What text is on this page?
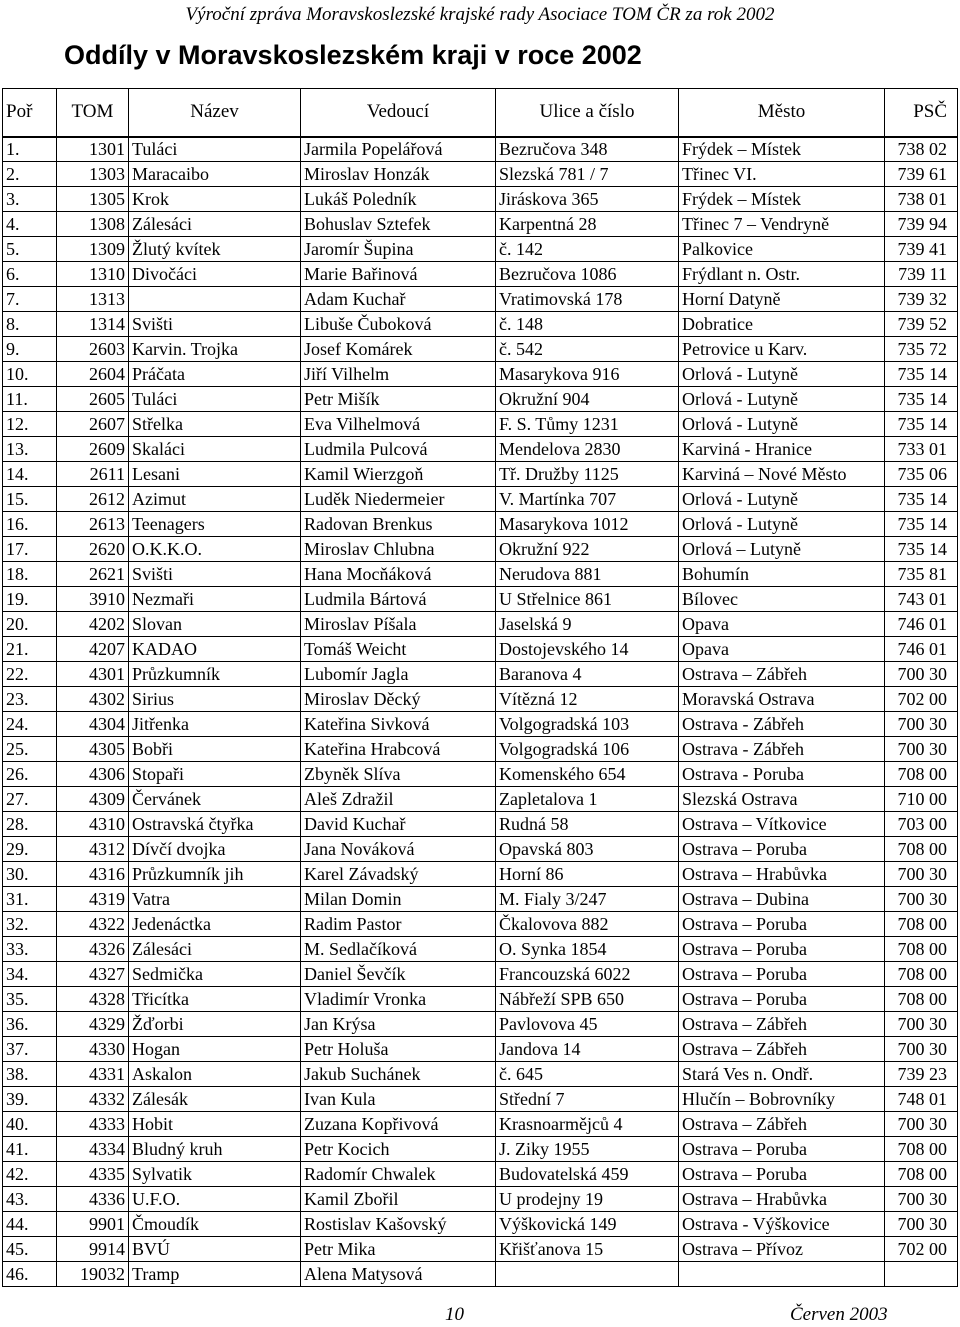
Výroční zpráva Moravskoslezské krajské rady Asociace TOM ČR za rok 2002
Oddíly v Moravskoslezském kraji v roce 2002
Poř	TOM	Název	Vedoucí	Ulice a číslo	Město	PSČ
1.	1301	Tuláci	Jarmila Popelářová	Bezručova 348	Frýdek – Místek	738 02
2.	1303	Maracaibo	Miroslav Honzák	Slezská 781 / 7	Třinec VI.	739 61
3.	1305	Krok	Lukáš Poledník	Jiráskova 365	Frýdek – Místek	738 01
4.	1308	Zálesáci	Bohuslav Sztefek	Karpentná 28	Třinec 7 – Vendryně	739 94
5.	1309	Žlutý kvítek	Jaromír Šupina	č. 142	Palkovice	739 41
6.	1310	Divočáci	Marie Bařinová	Bezručova 1086	Frýdlant n. Ostr.	739 11
7.	1313		Adam Kuchař	Vratimovská 178	Horní Datyně	739 32
8.	1314	Svišti	Libuše Čuboková	č. 148	Dobratice	739 52
9.	2603	Karvin. Trojka	Josef Komárek	č. 542	Petrovice u Karv.	735 72
10.	2604	Práčata	Jiří Vilhelm	Masarykova 916	Orlová - Lutyně	735 14
11.	2605	Tuláci	Petr Mišík	Okružní 904	Orlová - Lutyně	735 14
12.	2607	Střelka	Eva Vilhelmová	F. S. Tůmy 1231	Orlová - Lutyně	735 14
13.	2609	Skaláci	Ludmila Pulcová	Mendelova 2830	Karviná - Hranice	733 01
14.	2611	Lesani	Kamil Wierzgoň	Tř. Družby 1125	Karviná – Nové Město	735 06
15.	2612	Azimut	Luděk Niedermeier	V. Martínka 707	Orlová - Lutyně	735 14
16.	2613	Teenagers	Radovan Brenkus	Masarykova 1012	Orlová - Lutyně	735 14
17.	2620	O.K.K.O.	Miroslav Chlubna	Okružní 922	Orlová – Lutyně	735 14
18.	2621	Svišti	Hana Mocňáková	Nerudova 881	Bohumín	735 81
19.	3910	Nezmaři	Ludmila Bártová	U Střelnice 861	Bílovec	743 01
20.	4202	Slovan	Miroslav Píšala	Jaselská 9	Opava	746 01
21.	4207	KADAO	Tomáš Weicht	Dostojevského 14	Opava	746 01
22.	4301	Průzkumník	Lubomír Jagla	Baranova 4	Ostrava – Zábřeh	700 30
23.	4302	Sirius	Miroslav Děcký	Vítězná 12	Moravská Ostrava	702 00
24.	4304	Jitřenka	Kateřina Sivková	Volgogradská 103	Ostrava - Zábřeh	700 30
25.	4305	Bobři	Kateřina Hrabcová	Volgogradská 106	Ostrava - Zábřeh	700 30
26.	4306	Stopaři	Zbyněk Slíva	Komenského 654	Ostrava - Poruba	708 00
27.	4309	Červánek	Aleš Zdražil	Zapletalova 1	Slezská Ostrava	710 00
28.	4310	Ostravská čtyřka	David Kuchař	Rudná 58	Ostrava – Vítkovice	703 00
29.	4312	Dívčí dvojka	Jana Nováková	Opavská 803	Ostrava – Poruba	708 00
30.	4316	Průzkumník jih	Karel Závadský	Horní 86	Ostrava – Hrabůvka	700 30
31.	4319	Vatra	Milan Domin	M. Fialy 3/247	Ostrava – Dubina	700 30
32.	4322	Jedenáctka	Radim Pastor	Čkalovova 882	Ostrava – Poruba	708 00
33.	4326	Zálesáci	M. Sedlačíková	O. Synka 1854	Ostrava – Poruba	708 00
34.	4327	Sedmička	Daniel Ševčík	Francouzská 6022	Ostrava – Poruba	708 00
35.	4328	Třicítka	Vladimír Vronka	Nábřeží SPB 650	Ostrava – Poruba	708 00
36.	4329	Žďorbi	Jan Krýsa	Pavlovova 45	Ostrava – Zábřeh	700 30
37.	4330	Hogan	Petr Holuša	Jandova 14	Ostrava – Zábřeh	700 30
38.	4331	Askalon	Jakub Suchánek	č. 645	Stará Ves n. Ondř.	739 23
39.	4332	Zálesák	Ivan Kula	Střední 7	Hlučín – Bobrovníky	748 01
40.	4333	Hobit	Zuzana Kopřivová	Krasnoarmějců 4	Ostrava – Zábřeh	700 30
41.	4334	Bludný kruh	Petr Kocich	J. Ziky 1955	Ostrava – Poruba	708 00
42.	4335	Sylvatik	Radomír Chwalek	Budovatelská 459	Ostrava – Poruba	708 00
43.	4336	U.F.O.	Kamil Zbořil	U prodejny 19	Ostrava – Hrabůvka	700 30
44.	9901	Čmoudík	Rostislav Kašovský	Výškovická 149	Ostrava - Výškovice	700 30
45.	9914	BVÚ	Petr Mika	Křišťanova 15	Ostrava – Přívoz	702 00
46.	19032	Tramp	Alena Matysová			
10	Červen 2003
